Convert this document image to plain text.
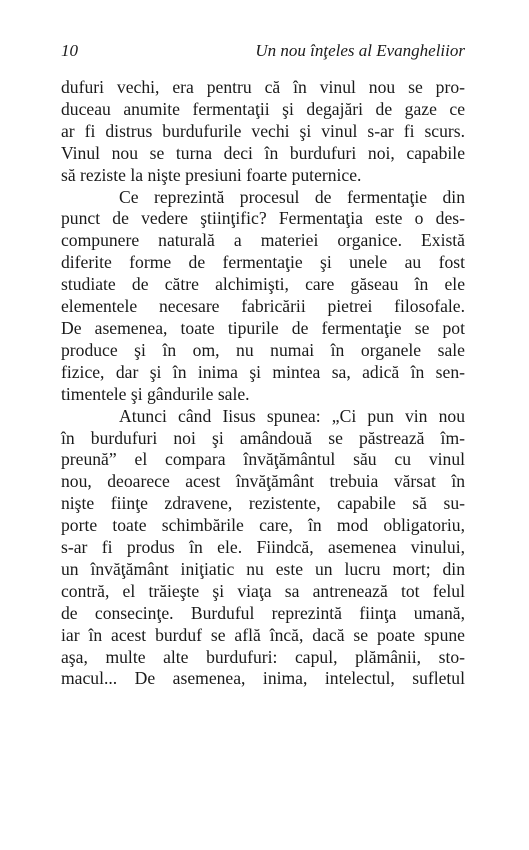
10	Un nou înţeles al Evangheliior

dufuri vechi, era pentru că în vinul nou se pro-

duceau anumite fermentaţii şi degajări de gaze ce

ar fi distrus burdufurile vechi şi vinul s-ar fi scurs.

Vinul nou se turna deci în burdufuri noi, capabile

să reziste la nişte presiuni foarte puternice.

Ce reprezintă procesul de fermentaţie din

punct de vedere ştiinţific? Fermentaţia este o des-

compunere naturală a materiei organice. Există

diferite forme de fermentaţie şi unele au fost

studiate de către alchimişti, care găseau în ele

elementele necesare fabricării pietrei filosofale.

De asemenea, toate tipurile de fermentaţie se pot

produce şi în om, nu numai în organele sale

fizice, dar şi în inima şi mintea sa, adică în sen-

timentele şi gândurile sale.

Atunci când Iisus spunea: „Ci pun vin nou

în burdufuri noi şi amândouă se păstrează îm-

preună” el compara învăţământul său cu vinul

nou, deoarece acest învăţământ trebuia vărsat în

nişte fiinţe zdravene, rezistente, capabile să su-

porte toate schimbările care, în mod obligatoriu,

s-ar fi produs în ele. Fiindcă, asemenea vinului,

un învăţământ iniţiatic nu este un lucru mort; din

contră, el trăieşte şi viaţa sa antrenează tot felul

de consecinţe. Burduful reprezintă fiinţa umană,

iar în acest burduf se află încă, dacă se poate spune

aşa, multe alte burdufuri: capul, plămânii, sto-

macul... De asemenea, inima, intelectul, sufletul
